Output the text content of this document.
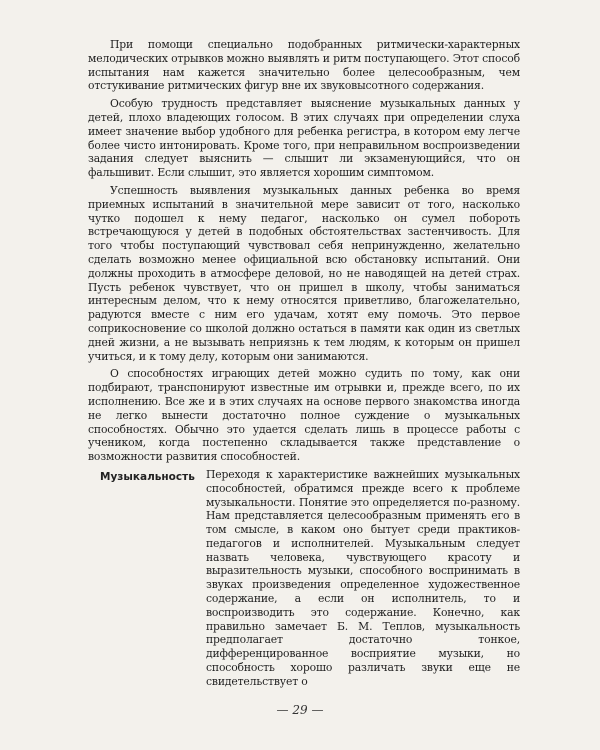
При помощи специально подобранных ритмически-характерных мелодических отрывков можно выявлять и ритм поступающего. Этот способ испытания нам кажется значительно более целесообразным, чем отстукивание ритмических фигур вне их звуковысотного содержания.

Особую трудность представляет выяснение музыкальных данных у детей, плохо владеющих голосом. В этих случаях при определении слуха имеет значение выбор удобного для ребенка регистра, в котором ему легче более чисто интонировать. Кроме того, при неправильном воспроизведении задания следует выяснить — слышит ли экзаменующийся, что он фальшивит. Если слышит, это является хорошим симптомом.

Успешность выявления музыкальных данных ребенка во время приемных испытаний в значительной мере зависит от того, насколько чутко подошел к нему педагог, насколько он сумел побороть встречающуюся у детей в подобных обстоятельствах застенчивость. Для того чтобы поступающий чувствовал себя непринужденно, желательно сделать возможно менее официальной всю обстановку испытаний. Они должны проходить в атмосфере деловой, но не наводящей на детей страх. Пусть ребенок чувствует, что он пришел в школу, чтобы заниматься интересным делом, что к нему относятся приветливо, благожелательно, радуются вместе с ним его удачам, хотят ему помочь. Это первое соприкосновение со школой должно остаться в памяти как один из светлых дней жизни, а не вызывать неприязнь к тем людям, к которым он пришел учиться, и к тому делу, которым они занимаются.

О способностях играющих детей можно судить по тому, как они подбирают, транспонируют известные им отрывки и, прежде всего, по их исполнению. Все же и в этих случаях на основе первого знакомства иногда не легко вынести достаточно полное суждение о музыкальных способностях. Обычно это удается сделать лишь в процессе работы с учеником, когда постепенно складывается также представление о возможности развития способностей.

Переходя к характеристике важнейших музыкальных способностей, обратимся прежде всего к проблеме музыкальности. Понятие это определяется по-разному. Нам представляется целесообразным применять его в том смысле, в каком оно бытует среди практиков-педагогов и исполнителей. Музыкальным следует назвать человека, чувствующего красоту и выразительность музыки, способного воспринимать в звуках произведения определенное художественное содержание, а если он исполнитель, то и воспроизводить это содержание. Конечно, как правильно замечает Б. М. Теплов, музыкальность предполагает достаточно тонкое, дифференцированное восприятие музыки, но способность хорошо различать звуки еще не свидетельствует о

Музыкальность
— 29 —
